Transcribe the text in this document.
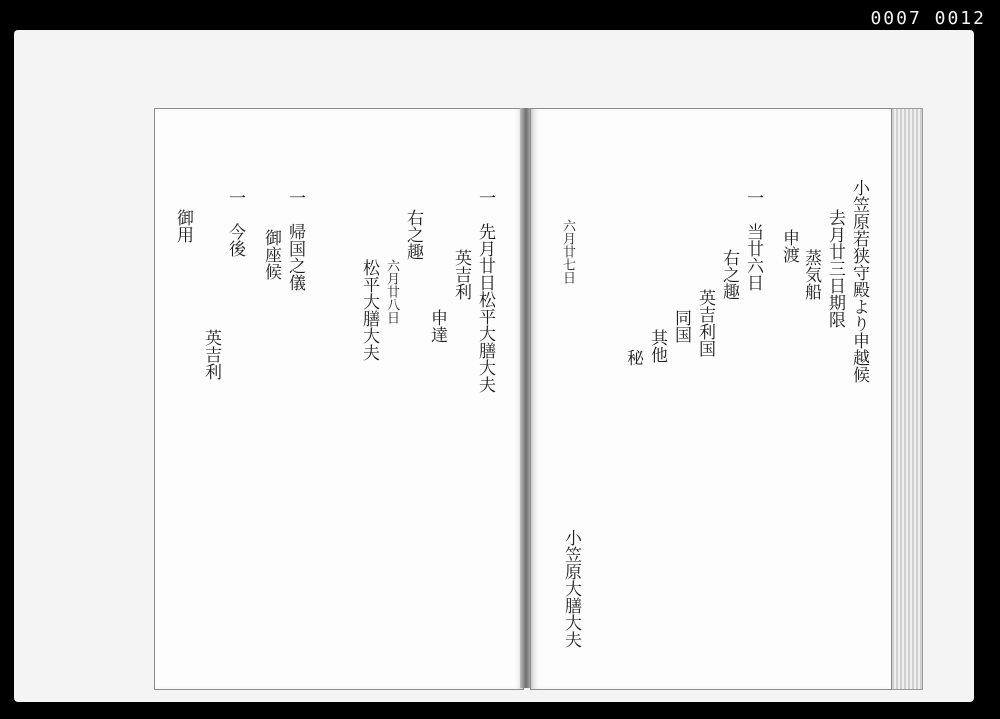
0007 0012
一　先月廿日松平大膳大夫
英吉利
申達
右之趣
六月廿八日
松平大膳大夫
一　帰国之儀
御座候
一　今後
英吉利
御用	小笠原若狭守殿より申越候
去月廿三日期限
蒸気船
申渡
一　当廿六日
右之趣
英吉利国
同国
其他
秘
六月廿七日
小笠原大膳大夫
